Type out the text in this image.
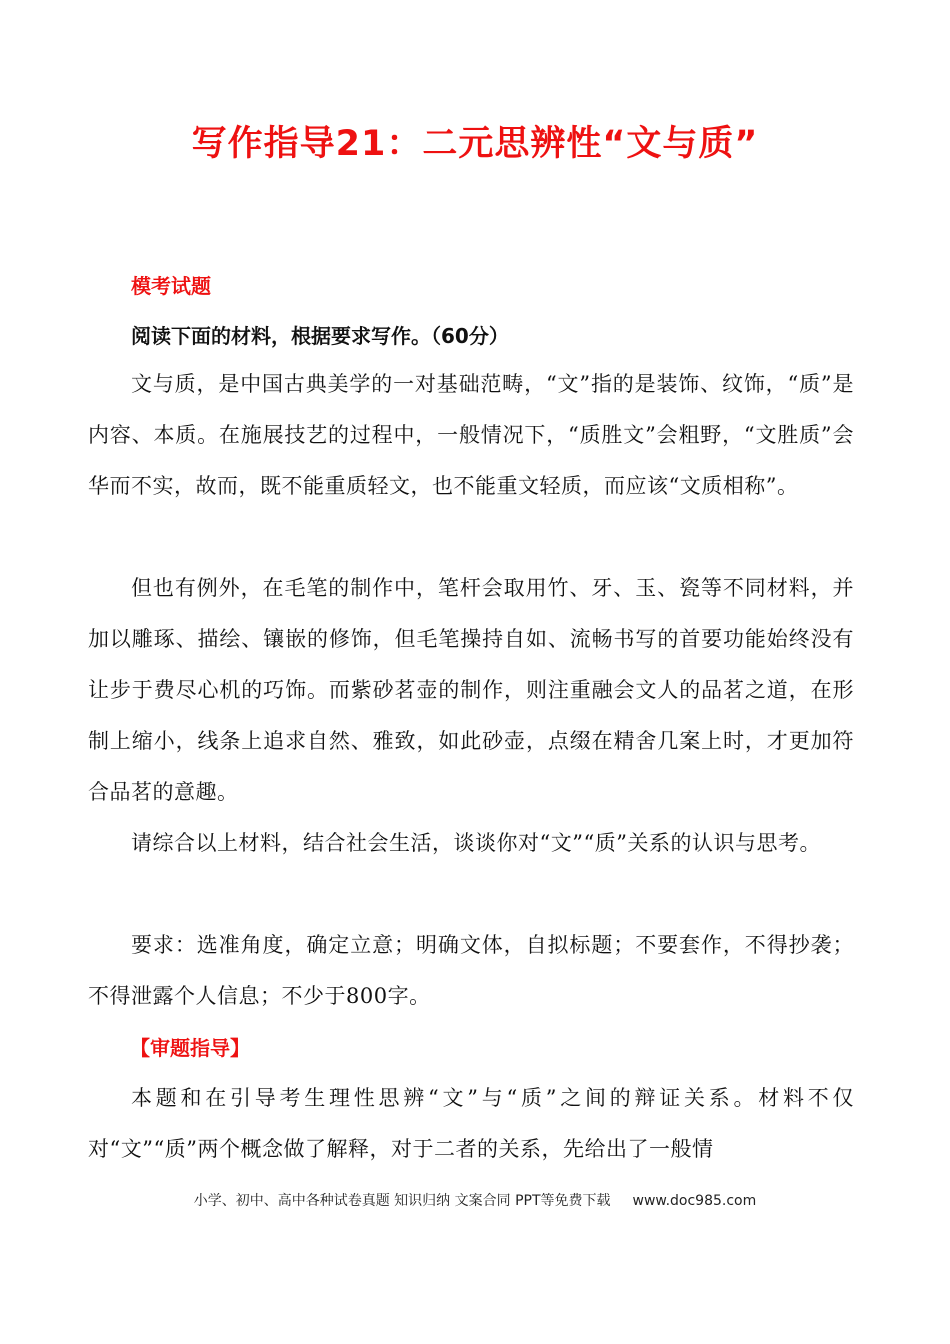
写作指导21：二元思辨性“文与质”
模考试题

阅读下面的材料，根据要求写作。（60分）

文与质，是中国古典美学的一对基础范畴，“文”指的是装饰、纹饰，“质”是内容、本质。在施展技艺的过程中，一般情况下，“质胜文”会粗野，“文胜质”会华而不实，故而，既不能重质轻文，也不能重文轻质，而应该“文质相称”。

但也有例外，在毛笔的制作中，笔杆会取用竹、牙、玉、瓷等不同材料，并加以雕琢、描绘、镶嵌的修饰，但毛笔操持自如、流畅书写的首要功能始终没有让步于费尽心机的巧饰。而紫砂茗壶的制作，则注重融会文人的品茗之道，在形制上缩小，线条上追求自然、雅致，如此砂壶，点缀在精舍几案上时，才更加符合品茗的意趣。

请综合以上材料，结合社会生活，谈谈你对“文”“质”关系的认识与思考。

要求：选准角度，确定立意；明确文体，自拟标题；不要套作，不得抄袭；不得泄露个人信息；不少于800字。

【审题指导】

本题和在引导考生理性思辨“文”与“质”之间的辩证关系。材料不仅对“文”“质”两个概念做了解释，对于二者的关系，先给出了一般情

小学、初中、高中各种试卷真题 知识归纳 文案合同 PPT等免费下载 www.doc985.com
